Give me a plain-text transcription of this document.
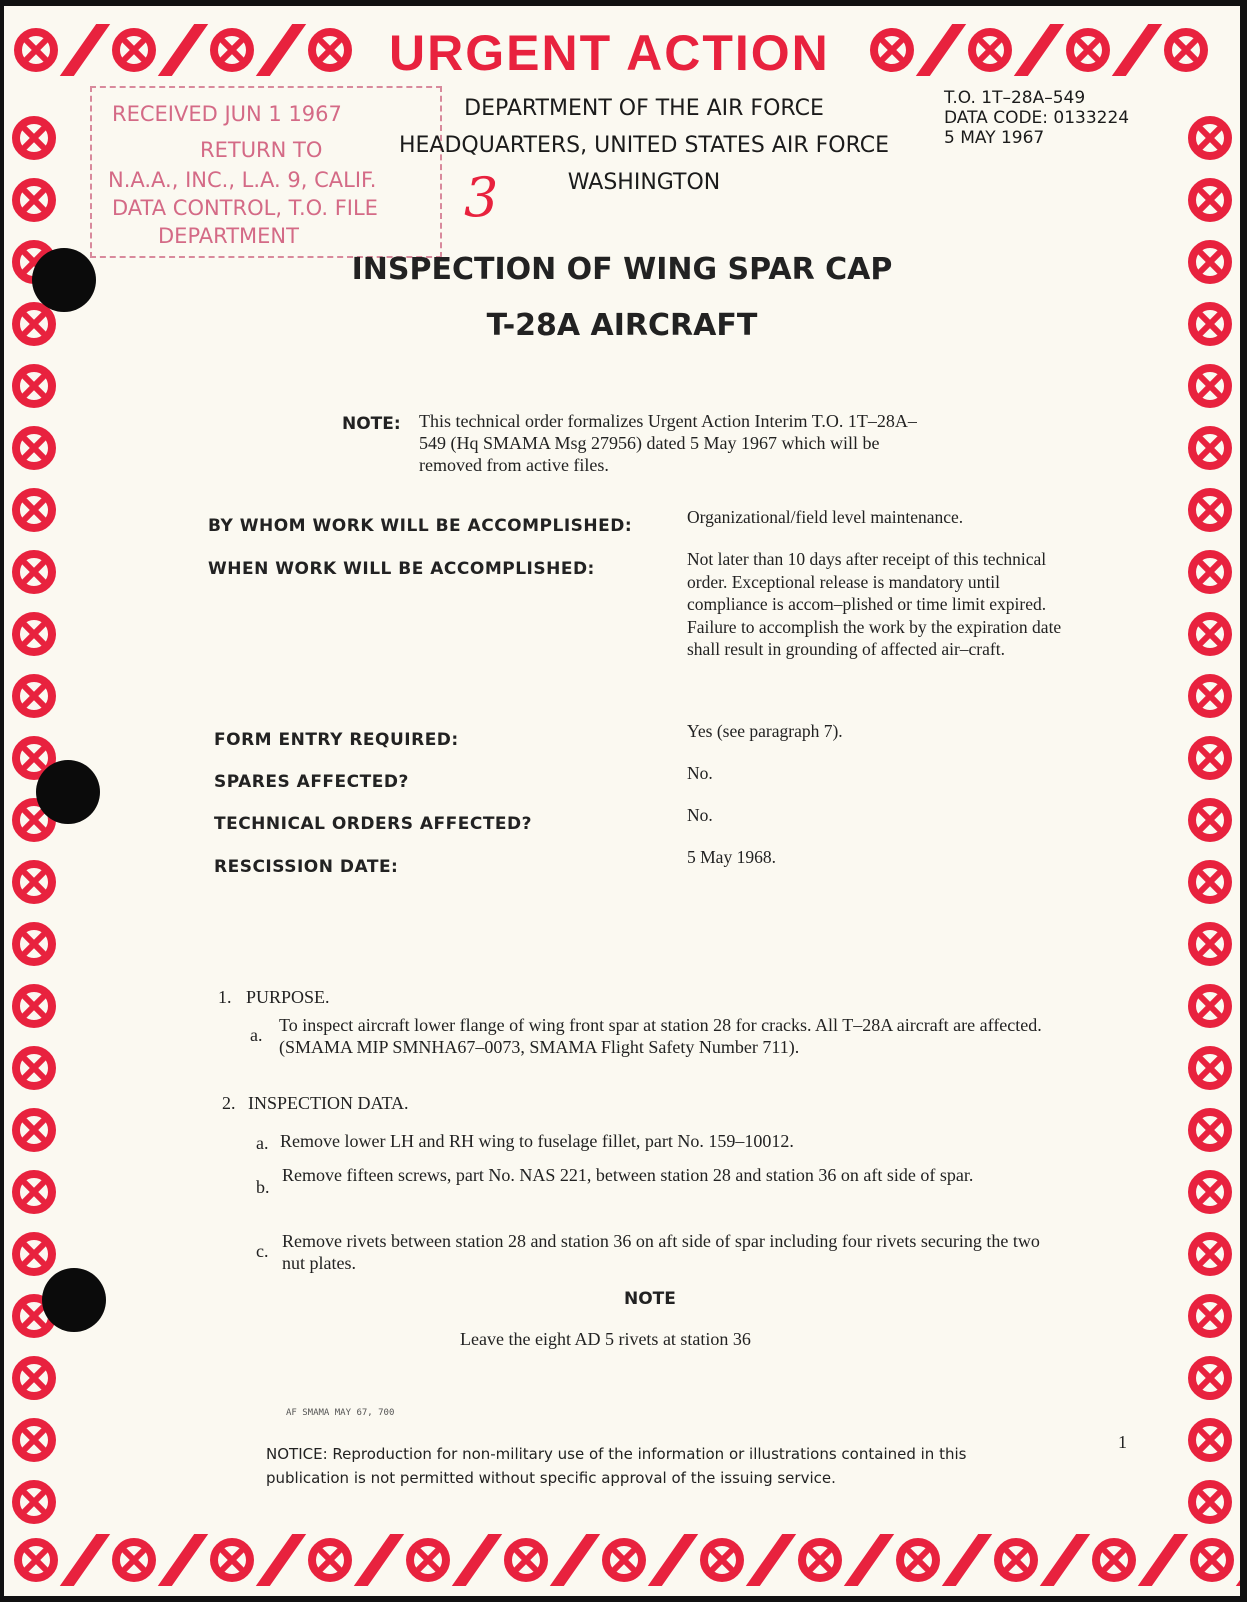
URGENT ACTION
RECEIVED JUN 1 1967
RETURN TO
N.A.A., INC., L.A. 9, CALIF.
DATA CONTROL, T.O. FILE
DEPARTMENT
DEPARTMENT OF THE AIR FORCE
HEADQUARTERS, UNITED STATES AIR FORCE
WASHINGTON
3
T.O. 1T–28A–549
DATA CODE: 0133224
5 MAY 1967
INSPECTION OF WING SPAR CAP
T-28A AIRCRAFT
NOTE: This technical order formalizes Urgent Action Interim T.O. 1T–28A–549 (Hq SMAMA Msg 27956) dated 5 May 1967 which will be removed from active files.
BY WHOM WORK WILL BE ACCOMPLISHED:	Organizational/field level maintenance.
WHEN WORK WILL BE ACCOMPLISHED:	Not later than 10 days after receipt of this technical order. Exceptional release is mandatory until compliance is accom–plished or time limit expired. Failure to accomplish the work by the expiration date shall result in grounding of affected air–craft.
FORM ENTRY REQUIRED:	Yes (see paragraph 7).
SPARES AFFECTED?	No.
TECHNICAL ORDERS AFFECTED?	No.
RESCISSION DATE:	5 May 1968.
1. PURPOSE.
a. To inspect aircraft lower flange of wing front spar at station 28 for cracks. All T–28A aircraft are affected. (SMAMA MIP SMNHA67–0073, SMAMA Flight Safety Number 711).
2. INSPECTION DATA.
a. Remove lower LH and RH wing to fuselage fillet, part No. 159–10012.
b.
Remove fifteen screws, part No. NAS 221, between station 28 and station 36 on aft side of spar.
c. Remove rivets between station 28 and station 36 on aft side of spar including four rivets securing the two nut plates.
NOTE
Leave the eight AD 5 rivets at station 36
AF SMAMA MAY 67, 700
1
NOTICE: Reproduction for non-military use of the information or illustrations contained in this publication is not permitted without specific approval of the issuing service.
